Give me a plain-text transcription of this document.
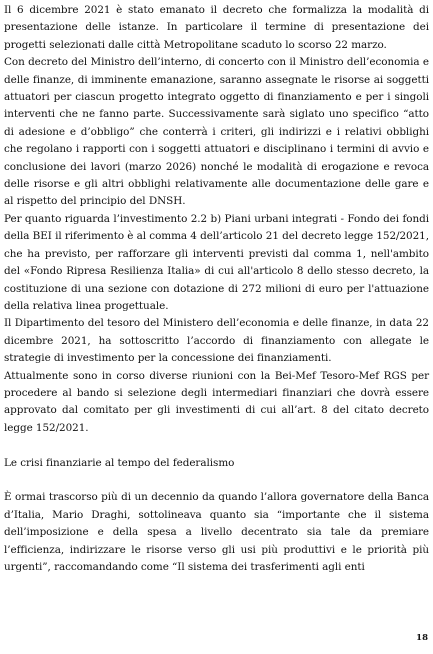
Il 6 dicembre 2021 è stato emanato il decreto che formalizza la modalità di presentazione delle istanze. In particolare il termine di presentazione dei progetti selezionati dalle città Metropolitane scaduto lo scorso 22 marzo.

Con decreto del Ministro dell’interno, di concerto con il Ministro dell’economia e delle finanze, di imminente emanazione, saranno assegnate le risorse ai soggetti attuatori per ciascun progetto integrato oggetto di finanziamento e per i singoli interventi che ne fanno parte. Successivamente sarà siglato uno specifico “atto di adesione e d’obbligo” che conterrà i criteri, gli indirizzi e i relativi obblighi che regolano i rapporti con i soggetti attuatori e disciplinano i termini di avvio e conclusione dei lavori (marzo 2026) nonché le modalità di erogazione e revoca delle risorse e gli altri obblighi relativamente alle documentazione delle gare e al rispetto del principio del DNSH.

Per quanto riguarda l’investimento 2.2 b) Piani urbani integrati - Fondo dei fondi della BEI il riferimento è al comma 4 dell’articolo 21 del decreto legge 152/2021, che ha previsto, per rafforzare gli interventi previsti dal comma 1, nell'ambito del «Fondo Ripresa Resilienza Italia» di cui all'articolo 8 dello stesso decreto, la costituzione di una sezione con dotazione di 272 milioni di euro per l'attuazione della relativa linea progettuale.

Il Dipartimento del tesoro del Ministero dell’economia e delle finanze, in data 22 dicembre 2021, ha sottoscritto l’accordo di finanziamento con allegate le strategie di investimento per la concessione dei finanziamenti.

Attualmente sono in corso diverse riunioni con la Bei-Mef Tesoro-Mef RGS per procedere al bando si selezione degli intermediari finanziari che dovrà essere approvato dal comitato per gli investimenti di cui all’art. 8 del citato decreto legge 152/2021.

Le crisi finanziarie al tempo del federalismo

È ormai trascorso più di un decennio da quando l’allora governatore della Banca d’Italia, Mario Draghi, sottolineava quanto sia “importante che il sistema dell’imposizione e della spesa a livello decentrato sia tale da premiare l’efficienza, indirizzare le risorse verso gli usi più produttivi e le priorità più urgenti”, raccomandando come “Il sistema dei trasferimenti agli enti

18
